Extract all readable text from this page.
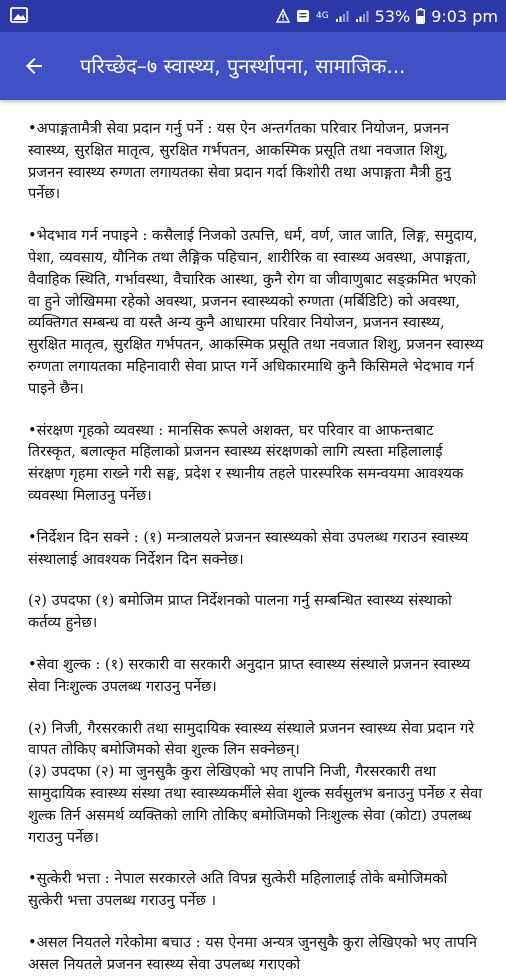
4G	53% 9:03 pm
परिच्छेद–७ स्वास्थ्य, पुनर्स्थापना, सामाजिक...

•अपाङ्गतामैत्री सेवा प्रदान गर्नु पर्ने : यस ऐन अन्तर्गतका परिवार नियोजन, प्रजनन स्वास्थ्य, सुरक्षित मातृत्व, सुरक्षित गर्भपतन, आकस्मिक प्रसूति तथा नवजात शिशु, प्रजनन स्वास्थ्य रुग्णता लगायतका सेवा प्रदान गर्दा किशोरी तथा अपाङ्गता मैत्री हुनु पर्नेछ।

•भेदभाव गर्न नपाइने : कसैलाई निजको उत्पत्ति, धर्म, वर्ण, जात जाति, लिङ्ग, समुदाय, पेशा, व्यवसाय, यौनिक तथा लैङ्गिक पहिचान, शारीरिक वा स्वास्थ्य अवस्था, अपाङ्गता, वैवाहिक स्थिति, गर्भावस्था, वैचारिक आस्था, कुनै रोग वा जीवाणुबाट सङ्क्रमित भएको वा हुने जोखिममा रहेको अवस्था, प्रजनन स्वास्थ्यको रुग्णता (मर्बिडिटि) को अवस्था, व्यक्तिगत सम्बन्ध वा यस्तै अन्य कुनै आधारमा परिवार नियोजन, प्रजनन स्वास्थ्य, सुरक्षित मातृत्व, सुरक्षित गर्भपतन, आकस्मिक प्रसूति तथा नवजात शिशु, प्रजनन स्वास्थ्य रुग्णता लगायतका महिनावारी सेवा प्राप्त गर्ने अधिकारमाथि कुनै किसिमले भेदभाव गर्न पाइने छैन।

•संरक्षण गृहको व्यवस्था : मानसिक रूपले अशक्त, घर परिवार वा आफन्तबाट तिरस्कृत, बलात्कृत महिलाको प्रजनन स्वास्थ्य संरक्षणको लागि त्यस्ता महिलालाई संरक्षण गृहमा राख्ने गरी सङ्घ, प्रदेश र स्थानीय तहले पारस्परिक समन्वयमा आवश्यक व्यवस्था मिलाउनु पर्नेछ।

•निर्देशन दिन सक्ने : (१) मन्त्रालयले प्रजनन स्वास्थ्यको सेवा उपलब्ध गराउन स्वास्थ्य संस्थालाई आवश्यक निर्देशन दिन सक्नेछ।

(२) उपदफा (१) बमोजिम प्राप्त निर्देशनको पालना गर्नु सम्बन्धित स्वास्थ्य संस्थाको कर्तव्य हुनेछ।

•सेवा शुल्क : (१) सरकारी वा सरकारी अनुदान प्राप्त स्वास्थ्य संस्थाले प्रजनन स्वास्थ्य सेवा निःशुल्क उपलब्ध गराउनु पर्नेछ।

(२) निजी, गैरसरकारी तथा सामुदायिक स्वास्थ्य संस्थाले प्रजनन स्वास्थ्य सेवा प्रदान गरे वापत तोकिए बमोजिमको सेवा शुल्क लिन सक्नेछन्।

(३) उपदफा (२) मा जुनसुकै कुरा लेखिएको भए तापनि निजी, गैरसरकारी तथा सामुदायिक स्वास्थ्य संस्था तथा स्वास्थ्यकर्मीले सेवा शुल्क सर्वसुलभ बनाउनु पर्नेछ र सेवा शुल्क तिर्न असमर्थ व्यक्तिको लागि तोकिए बमोजिमको निःशुल्क सेवा (कोटा) उपलब्ध गराउनु पर्नेछ।

•सुत्केरी भत्ता : नेपाल सरकारले अति विपन्न सुत्केरी महिलालाई तोके बमोजिमको सुत्केरी भत्ता उपलब्ध गराउनु पर्नेछ ।

•असल नियतले गरेकोमा बचाउ : यस ऐनमा अन्यत्र जुनसुकै कुरा लेखिएको भए तापनि असल नियतले प्रजनन स्वास्थ्य सेवा उपलब्ध गराएको
